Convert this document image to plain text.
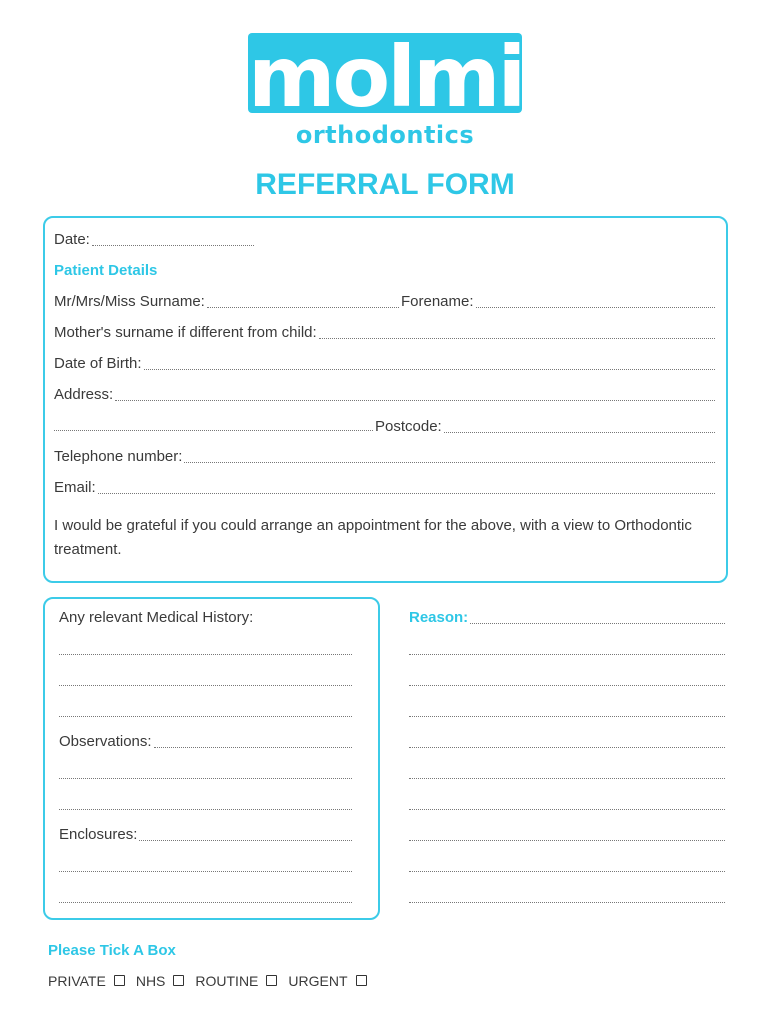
molmin
orthodontics
REFERRAL FORM
Date:
Patient Details
Mr/Mrs/Miss Surname:	Forename:
Mother's surname if different from child:
Date of Birth:
Address:
Postcode:
Telephone number:
Email:
I would be grateful if you could arrange an appointment for the above, with a view to Orthodontic treatment.
Any relevant Medical History:
Observations:
Enclosures:
Reason:
Please Tick A Box
PRIVATE NHS ROUTINE URGENT
